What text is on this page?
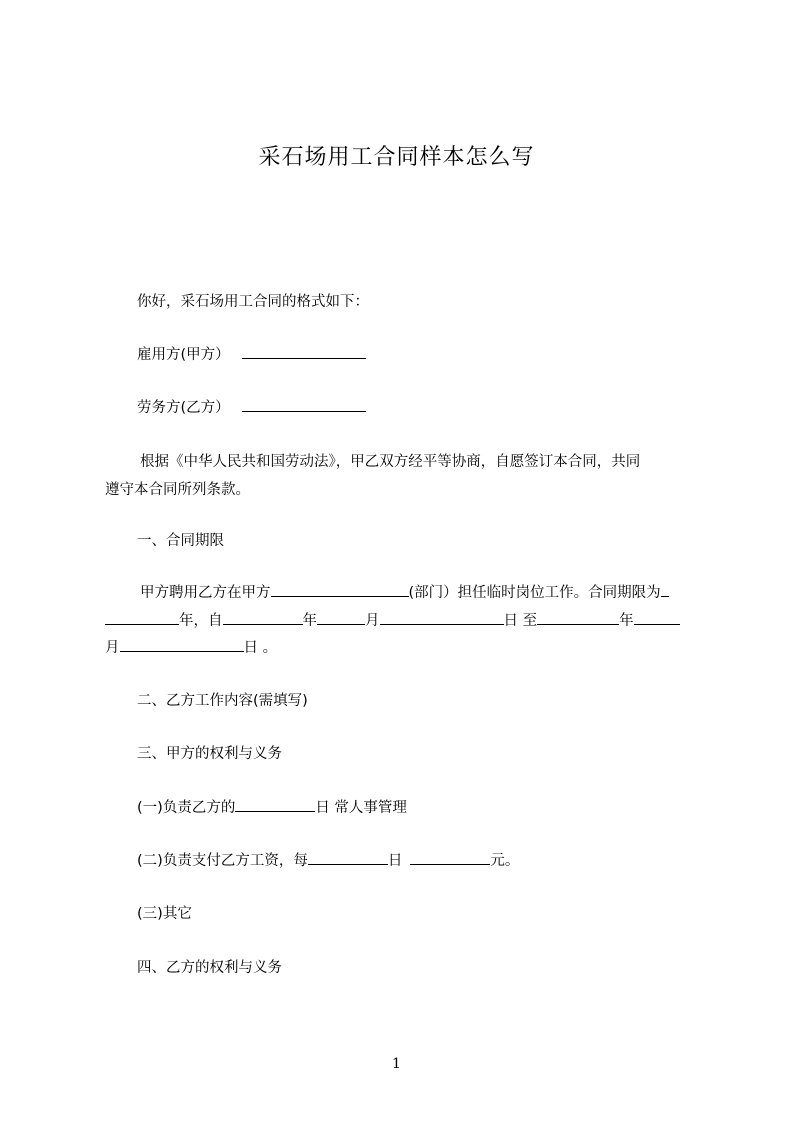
采石场用工合同样本怎么写
你好，采石场用工合同的格式如下：
雇用方(甲方）
劳务方(乙方）
根据《中华人民共和国劳动法》，甲乙双方经平等协商，自愿签订本合同，共同
遵守本合同所列条款。
一、合同期限
甲方聘用乙方在甲方	(部门）担任临时岗位工作。合同期限为
年，自	年	月	日 至	年
月	日 。
二、乙方工作内容(需填写)
三、甲方的权利与义务
(一)负责乙方的	日 常人事管理
(二)负责支付乙方工资，每	日	元。
(三)其它
四、乙方的权利与义务
1
